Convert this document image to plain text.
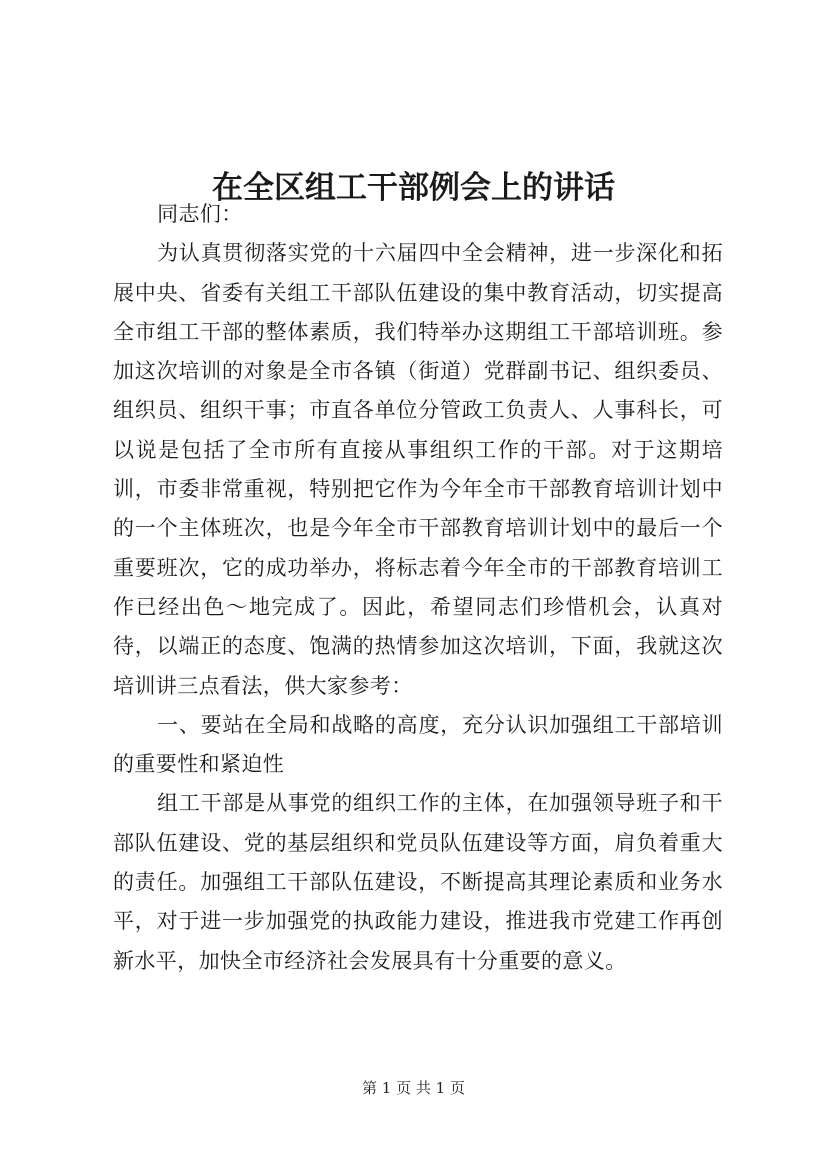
在全区组工干部例会上的讲话

同志们：

为认真贯彻落实党的十六届四中全会精神，进一步深化和拓展中央、省委有关组工干部队伍建设的集中教育活动，切实提高全市组工干部的整体素质，我们特举办这期组工干部培训班。参加这次培训的对象是全市各镇（街道）党群副书记、组织委员、组织员、组织干事；市直各单位分管政工负责人、人事科长，可以说是包括了全市所有直接从事组织工作的干部。对于这期培训，市委非常重视，特别把它作为今年全市干部教育培训计划中的一个主体班次，也是今年全市干部教育培训计划中的最后一个重要班次，它的成功举办，将标志着今年全市的干部教育培训工作已经出色～地完成了。因此，希望同志们珍惜机会，认真对待，以端正的态度、饱满的热情参加这次培训，下面，我就这次培训讲三点看法，供大家参考：

一、要站在全局和战略的高度，充分认识加强组工干部培训的重要性和紧迫性

组工干部是从事党的组织工作的主体，在加强领导班子和干部队伍建设、党的基层组织和党员队伍建设等方面，肩负着重大的责任。加强组工干部队伍建设，不断提高其理论素质和业务水平，对于进一步加强党的执政能力建设，推进我市党建工作再创新水平，加快全市经济社会发展具有十分重要的意义。

第 1 页 共 1 页
